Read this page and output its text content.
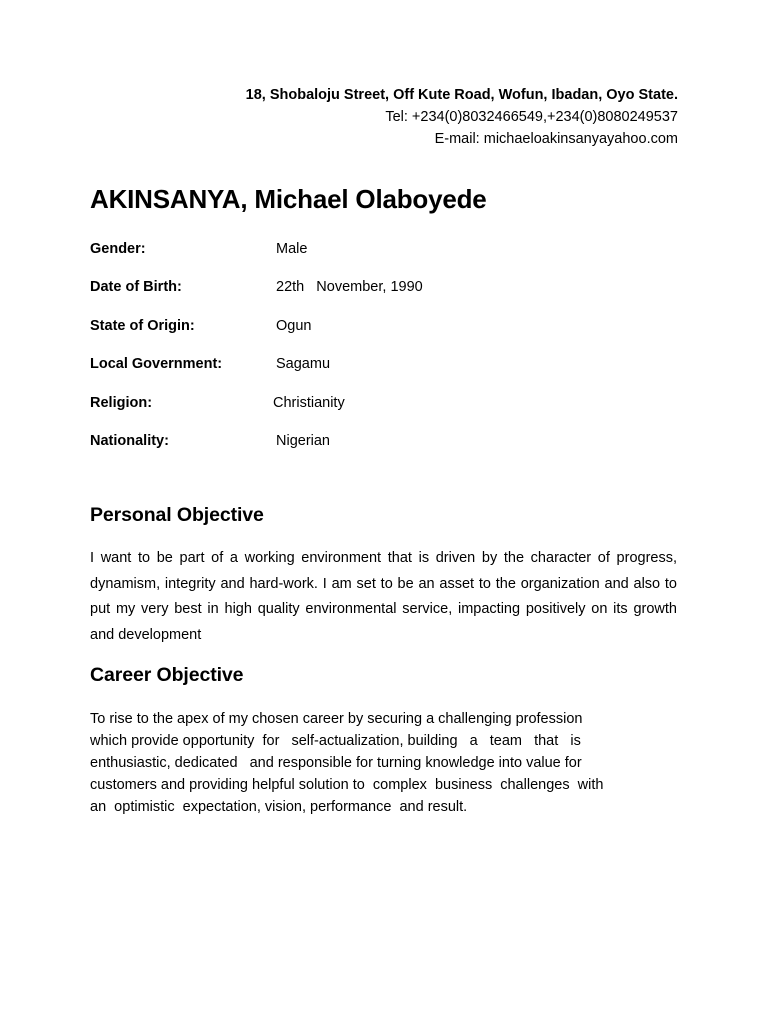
18, Shobaloju Street, Off Kute Road, Wofun, Ibadan, Oyo State.
Tel: +234(0)8032466549,+234(0)8080249537
E-mail: michaeloakinsanyayahoo.com
AKINSANYA, Michael Olaboyede
Gender:	Male
Date of Birth:	22th   November, 1990
State of Origin:	Ogun
Local Government:	Sagamu
Religion:	Christianity
Nationality:	Nigerian
Personal Objective

I want to be part of a working environment that is driven by the character of progress, dynamism, integrity and hard-work. I am set to be an asset to the organization and also to put my very best in high quality environmental service, impacting positively on its growth and development

Career Objective

To rise to the apex of my chosen career by securing a challenging profession
which provide opportunity  for   self-actualization, building   a   team   that   is
enthusiastic, dedicated   and responsible for turning knowledge into value for
customers and providing helpful solution to  complex  business  challenges  with
an  optimistic  expectation, vision, performance  and result.
